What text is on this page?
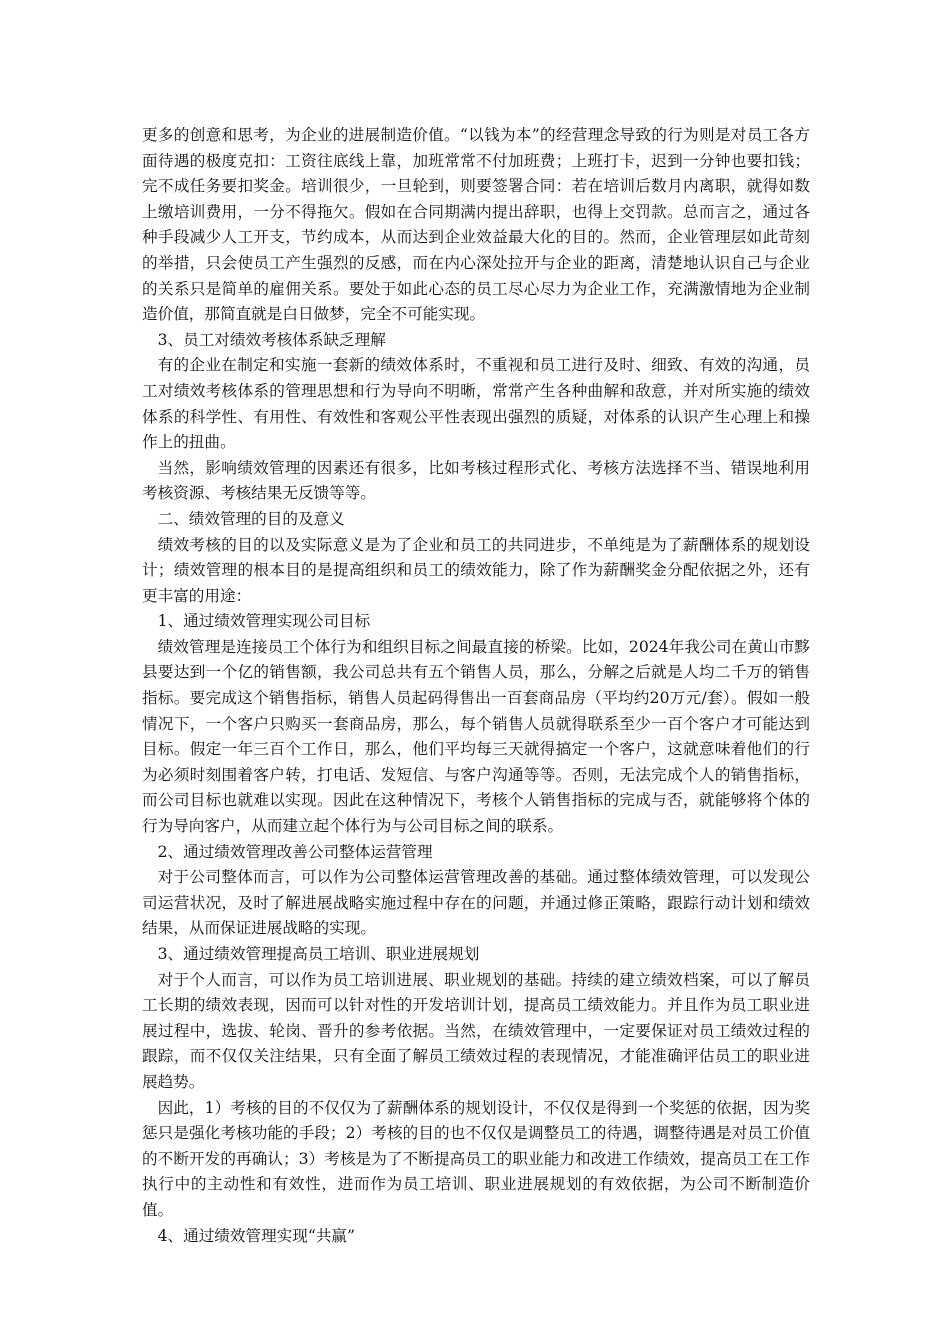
更多的创意和思考，为企业的进展制造价值。“以钱为本”的经营理念导致的行为则是对员工各方面待遇的极度克扣：工资往底线上靠，加班常常不付加班费；上班打卡，迟到一分钟也要扣钱；完不成任务要扣奖金。培训很少，一旦轮到，则要签署合同：若在培训后数月内离职，就得如数上缴培训费用，一分不得拖欠。假如在合同期满内提出辞职，也得上交罚款。总而言之，通过各种手段减少人工开支，节约成本，从而达到企业效益最大化的目的。然而，企业管理层如此苛刻的举措，只会使员工产生强烈的反感，而在内心深处拉开与企业的距离，清楚地认识自己与企业的关系只是简单的雇佣关系。要处于如此心态的员工尽心尽力为企业工作，充满激情地为企业制造价值，那简直就是白日做梦，完全不可能实现。

3、员工对绩效考核体系缺乏理解

有的企业在制定和实施一套新的绩效体系时，不重视和员工进行及时、细致、有效的沟通，员工对绩效考核体系的管理思想和行为导向不明晰，常常产生各种曲解和敌意，并对所实施的绩效体系的科学性、有用性、有效性和客观公平性表现出强烈的质疑，对体系的认识产生心理上和操作上的扭曲。

当然，影响绩效管理的因素还有很多，比如考核过程形式化、考核方法选择不当、错误地利用考核资源、考核结果无反馈等等。

二、绩效管理的目的及意义

绩效考核的目的以及实际意义是为了企业和员工的共同进步，不单纯是为了薪酬体系的规划设计；绩效管理的根本目的是提高组织和员工的绩效能力，除了作为薪酬奖金分配依据之外，还有更丰富的用途：

1、通过绩效管理实现公司目标

绩效管理是连接员工个体行为和组织目标之间最直接的桥梁。比如，2024年我公司在黄山市黟县要达到一个亿的销售额，我公司总共有五个销售人员，那么，分解之后就是人均二千万的销售指标。要完成这个销售指标，销售人员起码得售出一百套商品房（平均约20万元/套）。假如一般情况下，一个客户只购买一套商品房，那么，每个销售人员就得联系至少一百个客户才可能达到目标。假定一年三百个工作日，那么，他们平均每三天就得搞定一个客户，这就意味着他们的行为必须时刻围着客户转，打电话、发短信、与客户沟通等等。否则，无法完成个人的销售指标，而公司目标也就难以实现。因此在这种情况下，考核个人销售指标的完成与否，就能够将个体的行为导向客户，从而建立起个体行为与公司目标之间的联系。

2、通过绩效管理改善公司整体运营管理

对于公司整体而言，可以作为公司整体运营管理改善的基础。通过整体绩效管理，可以发现公司运营状况，及时了解进展战略实施过程中存在的问题，并通过修正策略，跟踪行动计划和绩效结果，从而保证进展战略的实现。

3、通过绩效管理提高员工培训、职业进展规划

对于个人而言，可以作为员工培训进展、职业规划的基础。持续的建立绩效档案，可以了解员工长期的绩效表现，因而可以针对性的开发培训计划，提高员工绩效能力。并且作为员工职业进展过程中，选拔、轮岗、晋升的参考依据。当然，在绩效管理中，一定要保证对员工绩效过程的跟踪，而不仅仅关注结果，只有全面了解员工绩效过程的表现情况，才能准确评估员工的职业进展趋势。

因此，1）考核的目的不仅仅为了薪酬体系的规划设计，不仅仅是得到一个奖惩的依据，因为奖惩只是强化考核功能的手段；2）考核的目的也不仅仅是调整员工的待遇，调整待遇是对员工价值的不断开发的再确认；3）考核是为了不断提高员工的职业能力和改进工作绩效，提高员工在工作执行中的主动性和有效性，进而作为员工培训、职业进展规划的有效依据，为公司不断制造价值。

4、通过绩效管理实现“共赢”
